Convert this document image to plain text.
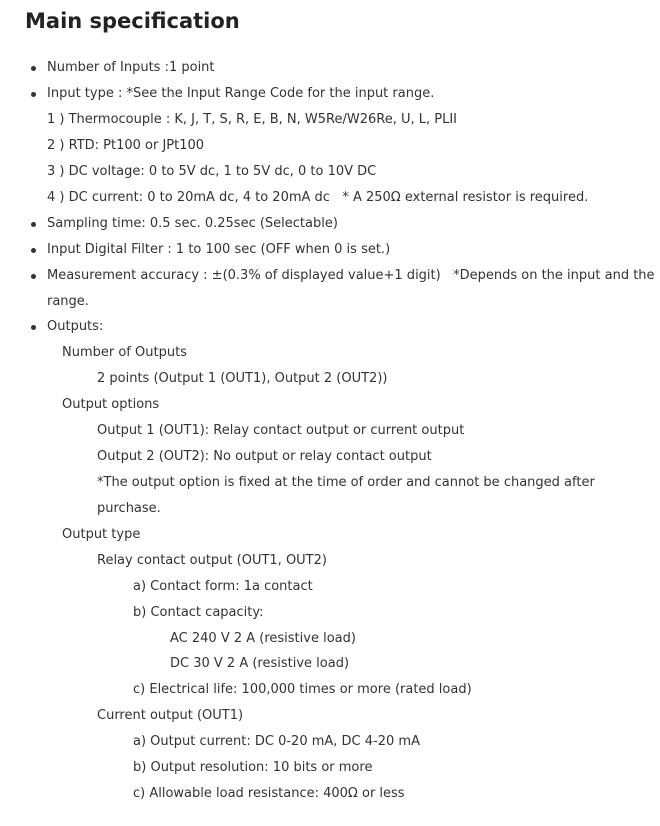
Main specification
Number of Inputs :1 point
Input type : *See the Input Range Code for the input range.
1 ) Thermocouple : K, J, T, S, R, E, B, N, W5Re/W26Re, U, L, PLII
2 ) RTD: Pt100 or JPt100
3 ) DC voltage: 0 to 5V dc, 1 to 5V dc, 0 to 10V DC
4 ) DC current: 0 to 20mA dc, 4 to 20mA dc   * A 250Ω external resistor is required.
Sampling time: 0.5 sec. 0.25sec (Selectable)
Input Digital Filter : 1 to 100 sec (OFF when 0 is set.)
Measurement accuracy : ±(0.3% of displayed value+1 digit)   *Depends on the input and the
range.
Outputs:
Number of Outputs
2 points (Output 1 (OUT1), Output 2 (OUT2))
Output options
Output 1 (OUT1): Relay contact output or current output
Output 2 (OUT2): No output or relay contact output
*The output option is fixed at the time of order and cannot be changed after
purchase.
Output type
Relay contact output (OUT1, OUT2)
a) Contact form: 1a contact
b) Contact capacity:
AC 240 V 2 A (resistive load)
DC 30 V 2 A (resistive load)
c) Electrical life: 100,000 times or more (rated load)
Current output (OUT1)
a) Output current: DC 0-20 mA, DC 4-20 mA
b) Output resolution: 10 bits or more
c) Allowable load resistance: 400Ω or less
